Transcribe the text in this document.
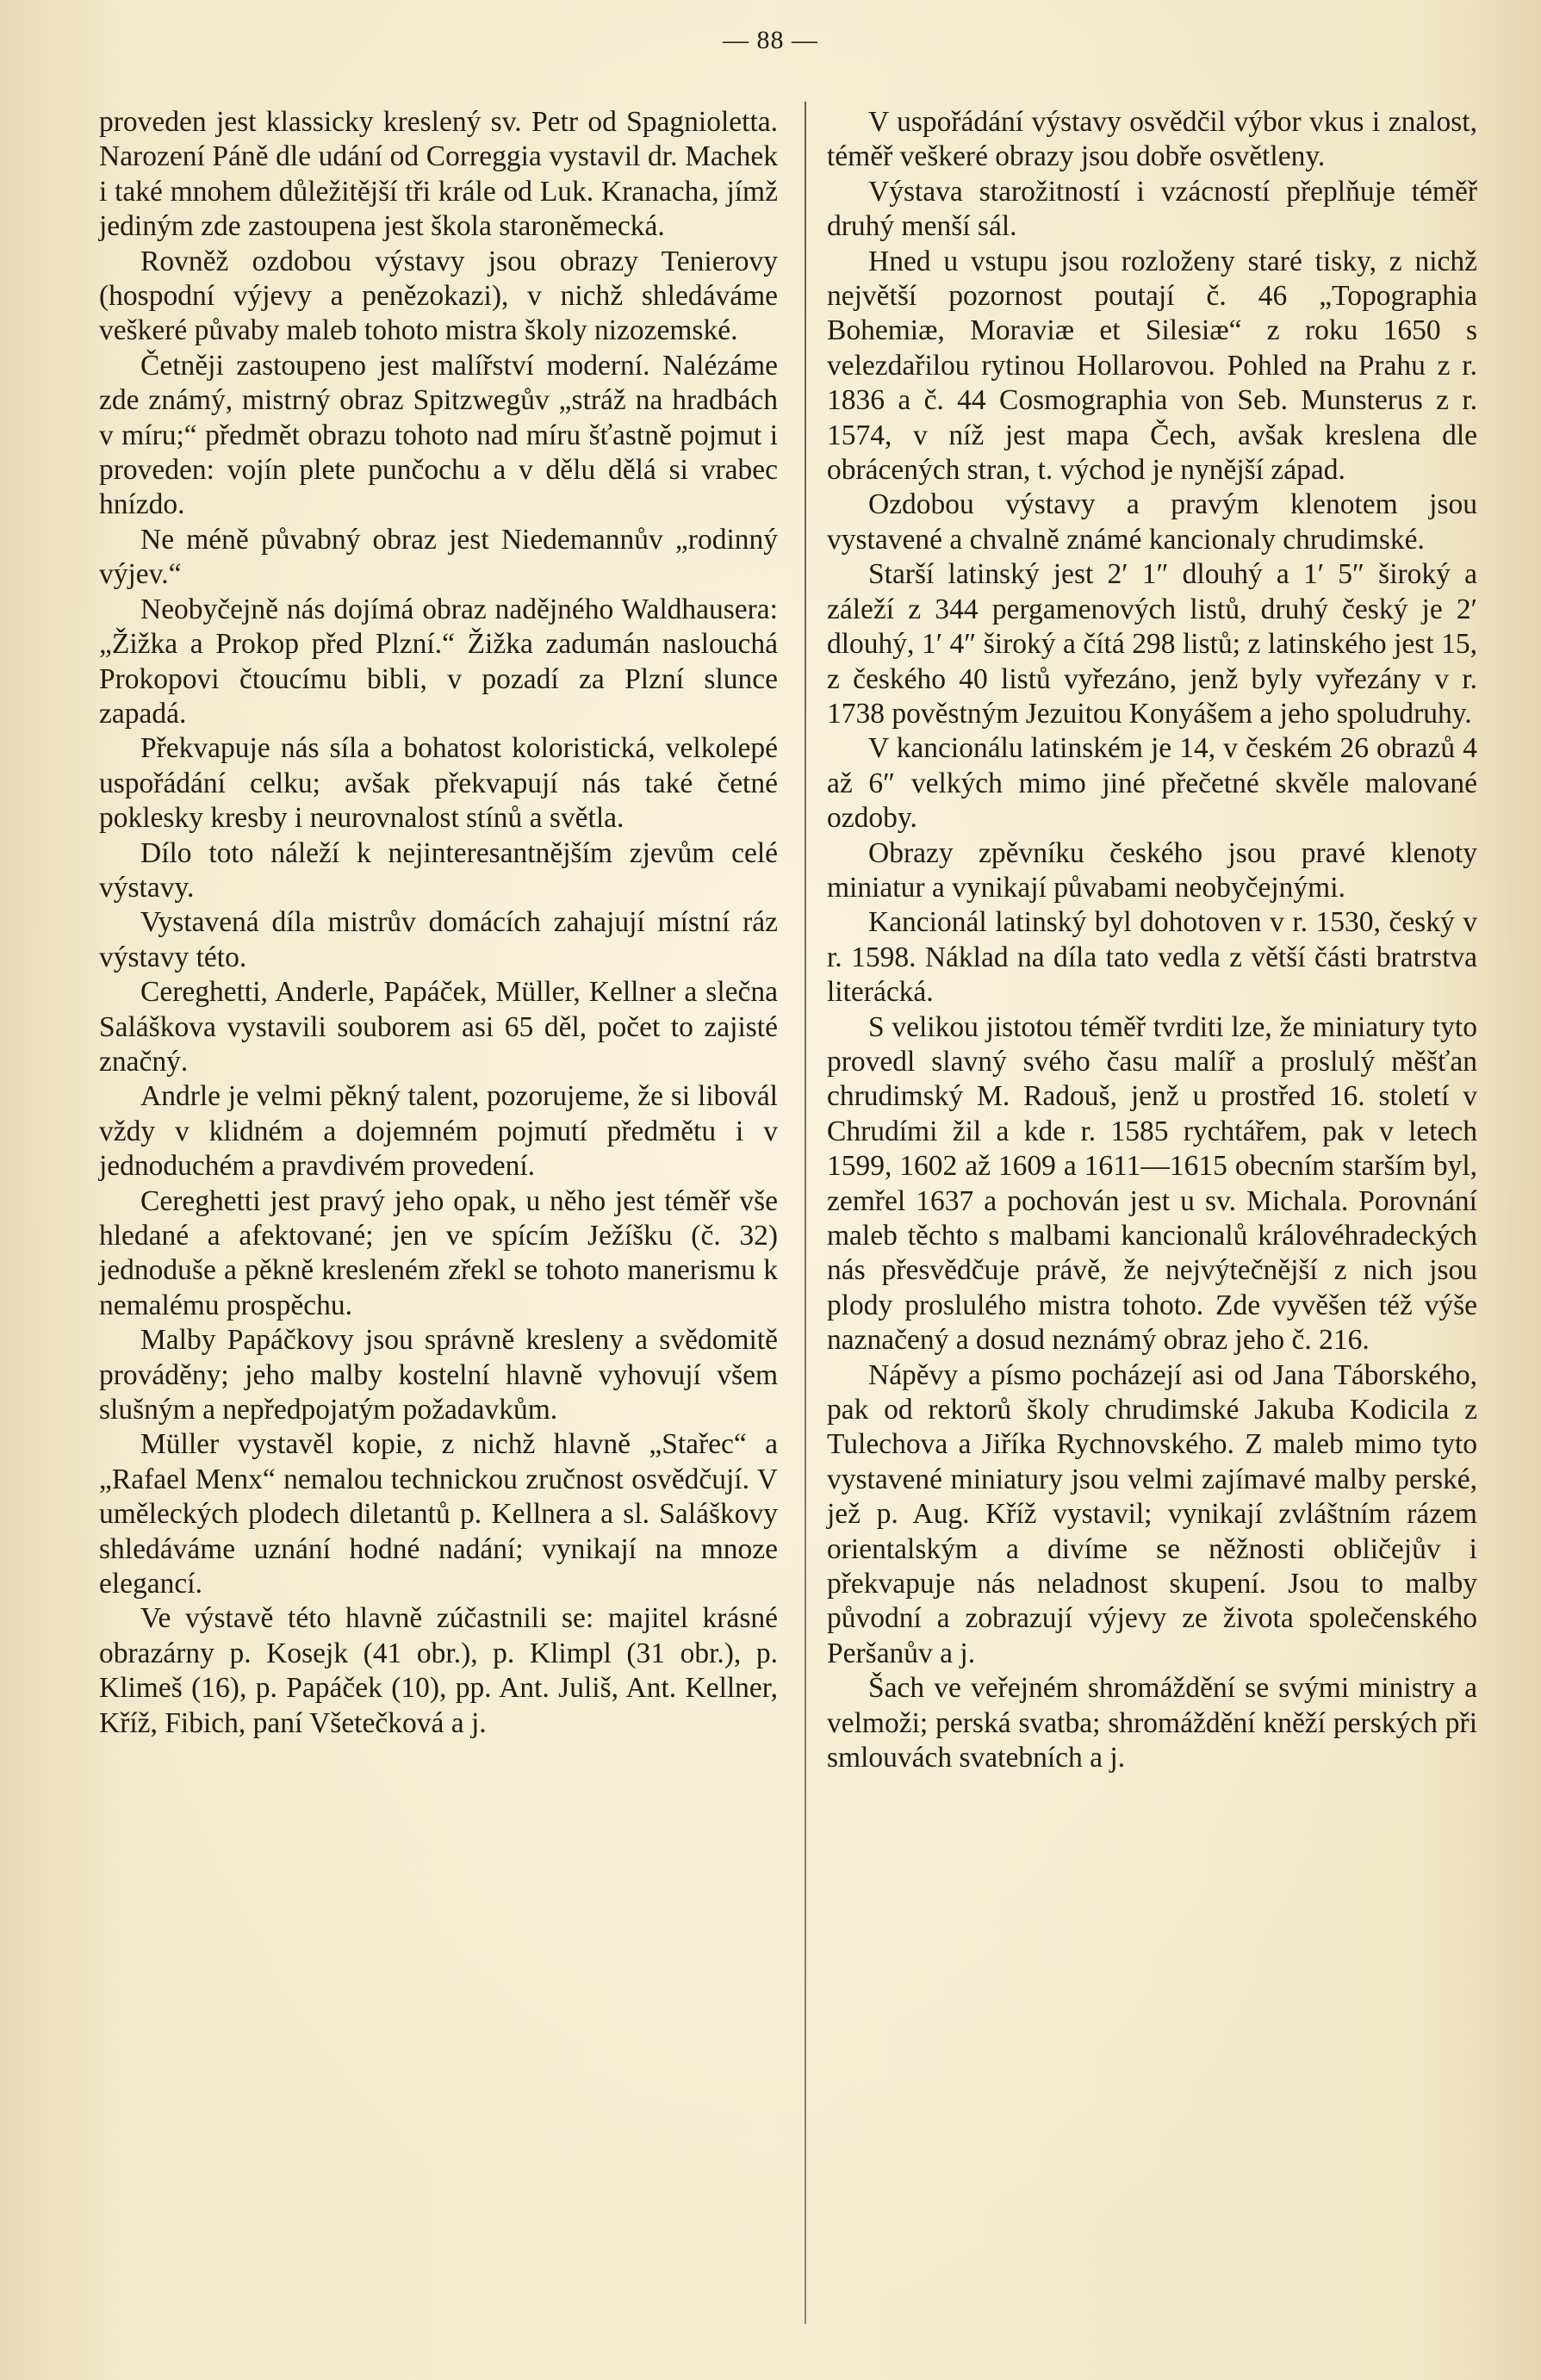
— 88 —

proveden jest klassicky kreslený sv. Petr od Spagnioletta. Narození Páně dle udání od Correggia vystavil dr. Machek i také mnohem důležitější tři krále od Luk. Kranacha, jímž jediným zde zastoupena jest škola staroněmecká.

Rovněž ozdobou výstavy jsou obrazy Tenierovy (hospodní výjevy a penězokazi), v nichž shledáváme veškeré půvaby maleb tohoto mistra školy nizozemské.

Četněji zastoupeno jest malířství moderní. Nalézáme zde známý, mistrný obraz Spitzwegův „stráž na hradbách v míru;“ předmět obrazu tohoto nad míru šťastně pojmut i proveden: vojín plete punčochu a v dělu dělá si vrabec hnízdo.

Ne méně půvabný obraz jest Niedemannův „rodinný výjev.“

Neobyčejně nás dojímá obraz nadějného Waldhausera: „Žižka a Prokop před Plzní.“ Žižka zadumán naslouchá Prokopovi čtoucímu bibli, v pozadí za Plzní slunce zapadá.

Překvapuje nás síla a bohatost koloristická, velkolepé uspořádání celku; avšak překvapují nás také četné poklesky kresby i neurovnalost stínů a světla.

Dílo toto náleží k nejinteresantnějším zjevům celé výstavy.

Vystavená díla mistrův domácích zahajují místní ráz výstavy této.

Cereghetti, Anderle, Papáček, Müller, Kellner a slečna Saláškova vystavili souborem asi 65 děl, počet to zajisté značný.

Andrle je velmi pěkný talent, pozorujeme, že si libovál vždy v klidném a dojemném pojmutí předmětu i v jednoduchém a pravdivém provedení.

Cereghetti jest pravý jeho opak, u něho jest téměř vše hledané a afektované; jen ve spícím Ježíšku (č. 32) jednoduše a pěkně kresleném zřekl se tohoto manerismu k nemalému prospěchu.

Malby Papáčkovy jsou správně kresleny a svědomitě prováděny; jeho malby kostelní hlavně vyhovují všem slušným a nepředpojatým požadavkům.

Müller vystavěl kopie, z nichž hlavně „Stařec“ a „Rafael Menx“ nemalou technickou zručnost osvědčují. V uměleckých plodech diletantů p. Kellnera a sl. Saláškovy shledáváme uznání hodné nadání; vynikají na mnoze elegancí.

Ve výstavě této hlavně zúčastnili se: majitel krásné obrazárny p. Kosejk (41 obr.), p. Klimpl (31 obr.), p. Klimeš (16), p. Papáček (10), pp. Ant. Juliš, Ant. Kellner, Kříž, Fibich, paní Všetečková a j.

V uspořádání výstavy osvědčil výbor vkus i znalost, téměř veškeré obrazy jsou dobře osvětleny.

Výstava starožitností i vzácností přeplňuje téměř druhý menší sál.

Hned u vstupu jsou rozloženy staré tisky, z nichž největší pozornost poutají č. 46 „Topographia Bohemiæ, Moraviæ et Silesiæ“ z roku 1650 s velezdařilou rytinou Hollarovou. Pohled na Prahu z r. 1836 a č. 44 Cosmographia von Seb. Munsterus z r. 1574, v níž jest mapa Čech, avšak kreslena dle obrácených stran, t. východ je nynější západ.

Ozdobou výstavy a pravým klenotem jsou vystavené a chvalně známé kancionaly chrudimské.

Starší latinský jest 2′ 1″ dlouhý a 1′ 5″ široký a záleží z 344 pergamenových listů, druhý český je 2′ dlouhý, 1′ 4″ široký a čítá 298 listů; z latinského jest 15, z českého 40 listů vyřezáno, jenž byly vyřezány v r. 1738 pověstným Jezuitou Konyášem a jeho spoludruhy.

V kancionálu latinském je 14, v českém 26 obrazů 4 až 6″ velkých mimo jiné přečetné skvěle malované ozdoby.

Obrazy zpěvníku českého jsou pravé klenoty miniatur a vynikají půvabami neobyčejnými.

Kancionál latinský byl dohotoven v r. 1530, český v r. 1598. Náklad na díla tato vedla z větší části bratrstva literácká.

S velikou jistotou téměř tvrditi lze, že miniatury tyto provedl slavný svého času malíř a proslulý měšťan chrudimský M. Radouš, jenž u prostřed 16. století v Chrudími žil a kde r. 1585 rychtářem, pak v letech 1599, 1602 až 1609 a 1611—1615 obecním starším byl, zemřel 1637 a pochován jest u sv. Michala. Porovnání maleb těchto s malbami kancionalů královéhradeckých nás přesvědčuje právě, že nejvýtečnější z nich jsou plody proslulého mistra tohoto. Zde vyvěšen též výše naznačený a dosud neznámý obraz jeho č. 216.

Nápěvy a písmo pocházejí asi od Jana Táborského, pak od rektorů školy chrudimské Jakuba Kodicila z Tulechova a Jiříka Rychnovského. Z maleb mimo tyto vystavené miniatury jsou velmi zajímavé malby perské, jež p. Aug. Kříž vystavil; vynikají zvláštním rázem orientalským a divíme se něžnosti obličejův i překvapuje nás neladnost skupení. Jsou to malby původní a zobrazují výjevy ze života společenského Peršanův a j.

Šach ve veřejném shromáždění se svými ministry a velmoži; perská svatba; shromáždění kněží perských při smlouvách svatebních a j.
